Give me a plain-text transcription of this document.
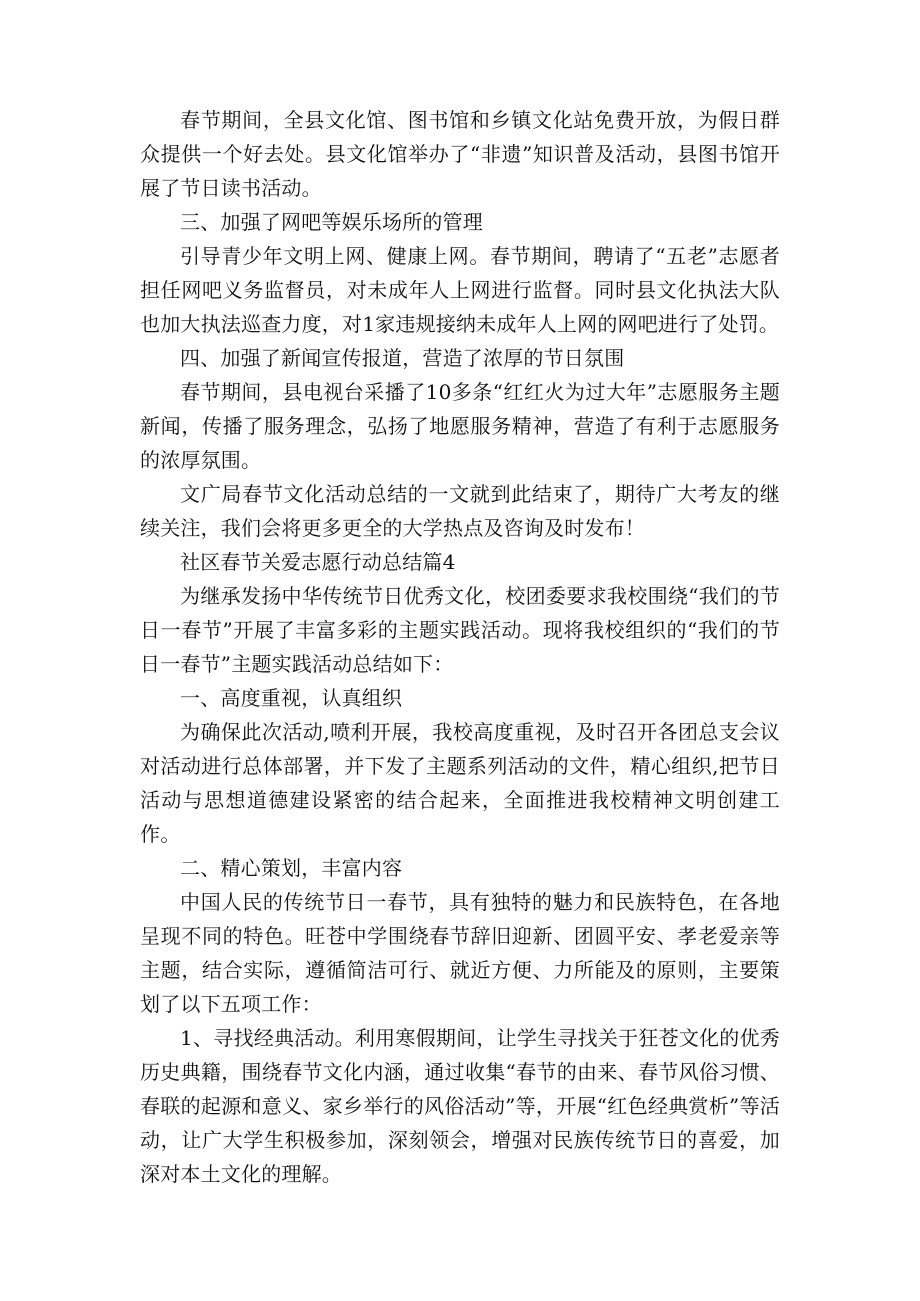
春节期间，全县文化馆、图书馆和乡镇文化站免费开放，为假日群众提供一个好去处。县文化馆举办了“非遗”知识普及活动，县图书馆开展了节日读书活动。

三、加强了网吧等娱乐场所的管理

引导青少年文明上网、健康上网。春节期间，聘请了“五老”志愿者担任网吧义务监督员，对未成年人上网进行监督。同时县文化执法大队也加大执法巡查力度，对1家违规接纳未成年人上网的网吧进行了处罚。

四、加强了新闻宣传报道，营造了浓厚的节日氛围

春节期间，县电视台采播了10多条“红红火为过大年”志愿服务主题新闻，传播了服务理念，弘扬了地愿服务精神，营造了有利于志愿服务的浓厚氛围。

文广局春节文化活动总结的一文就到此结束了，期待广大考友的继续关注，我们会将更多更全的大学热点及咨询及时发布！

社区春节关爱志愿行动总结篇4

为继承发扬中华传统节日优秀文化，校团委要求我校围绕“我们的节日一春节”开展了丰富多彩的主题实践活动。现将我校组织的“我们的节日一春节”主题实践活动总结如下：

一、高度重视，认真组织

为确保此次活动,喷利开展，我校高度重视，及时召开各团总支会议对活动进行总体部署，并下发了主题系列活动的文件，精心组织,把节日活动与思想道德建设紧密的结合起来，全面推进我校精神文明创建工作。

二、精心策划，丰富内容

中国人民的传统节日一春节，具有独特的魅力和民族特色，在各地呈现不同的特色。旺苍中学围绕春节辞旧迎新、团圆平安、孝老爱亲等主题，结合实际，遵循简洁可行、就近方便、力所能及的原则，主要策划了以下五项工作：

1、寻找经典活动。利用寒假期间，让学生寻找关于狂苍文化的优秀历史典籍，围绕春节文化内涵，通过收集“春节的由来、春节风俗习惯、春联的起源和意义、家乡举行的风俗活动”等，开展“红色经典赏析”等活动，让广大学生积极参加，深刻领会，增强对民族传统节日的喜爱，加深对本土文化的理解。
